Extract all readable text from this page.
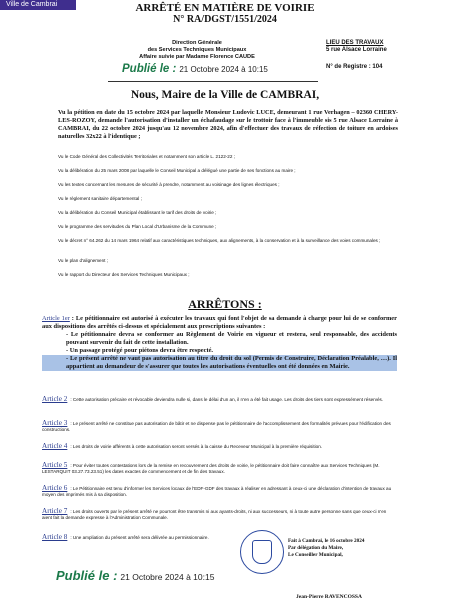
Ville de Cambrai	ARRÊTÉ EN MATIÈRE DE VOIRIE
N° RA/DGST/1551/2024
Direction Générale
des Services Techniques Municipaux
Affaire suivie par Madame Florence CAUDE
Publié le : 21 Octobre 2024 à 10:15
LIEU DES TRAVAUX
5 rue Alsace Lorraine
N° de Registre : 104
Nous, Maire de la Ville de CAMBRAI,
Vu la pétition en date du 15 octobre 2024 par laquelle Monsieur Ludovic LUCE, demeurant 1 rue Verhagen – 02360 CHERY-LES-ROZOY, demande l'autorisation d'installer un échafaudage sur le trottoir face à l'immeuble sis 5 rue Alsace Lorraine à CAMBRAI, du 22 octobre 2024 jusqu'au 12 novembre 2024, afin d'effectuer des travaux de réfection de toiture en ardoises naturelles 32x22 à l'identique ;
Vu le Code Général des Collectivités Territoriales et notamment son article L. 2122-22 ;
Vu la délibération du 25 mars 2008 par laquelle le Conseil Municipal a délégué une partie de ses fonctions au maire ;
Vu les textes concernant les mesures de sécurité à prendre, notamment au voisinage des lignes électriques ;
Vu le règlement sanitaire départemental ;
Vu la délibération du Conseil Municipal établissant le tarif des droits de voirie ;
Vu le programme des servitudes du Plan Local d'Urbanisme de la Commune ;
Vu le décret n° 64.262 du 14 mars 1964 relatif aux caractéristiques techniques, aux alignements, à la conservation et à la surveillance des voies communales ;
Vu le plan d'alignement ;
Vu le rapport du Directeur des Services Techniques Municipaux ;
ARRÊTONS :
Article 1er : Le pétitionnaire est autorisé à exécuter les travaux qui font l'objet de sa demande à charge pour lui de se conformer aux dispositions des arrêtés ci-dessus et spécialement aux prescriptions suivantes :
- Le pétitionnaire devra se conformer au Règlement de Voirie en vigueur et restera, seul responsable, des accidents pouvant survenir du fait de cette installation.
- Un passage protégé pour piétons devra être respecté.
- Le présent arrêté ne vaut pas autorisation au titre du droit du sol (Permis de Construire, Déclaration Préalable, …). Il appartient au demandeur de s'assurer que toutes les autorisations éventuelles ont été données en Mairie.
Article 2 : Cette autorisation précaire et révocable deviendra nulle si, dans le délai d'un an, il n'en a été fait usage. Les droits des tiers sont expressément réservés.
Article 3 : Le présent arrêté ne constitue pas autorisation de bâtir et ne dispense pas le pétitionnaire de l'accomplissement des formalités prévues pour l'édification des constructions.
Article 4 : Les droits de voirie afférents à cette autorisation seront versés à la caisse du Receveur Municipal à la première réquisition.
Article 5 : Pour éviter toutes contestations lors de la remise en recouvrement des droits de voirie, le pétitionnaire doit faire connaître aux Services Techniques (M. LESTARQUIT 03.27.73.23.51) les dates exactes de commencement et de fin des travaux.
Article 6 : Le Pétitionnaire est tenu d'informer les Services locaux de l'EDF-GDF des travaux à réaliser en adressant à ceux-ci une déclaration d'intention de travaux au moyen des imprimés mis à sa disposition.
Article 7 : Les droits ouverts par le présent arrêté ne pourront être transmis ni aux ayants-droits, ni aux successeurs, ni à toute autre personne sans que ceux-ci n'en aient fait la demande expresse à l'Administration Communale.
Article 8 : Une ampliation du présent arrêté sera délivrée au permissionnaire.
Fait à Cambrai, le 16 octobre 2024
Par délégation du Maire,
Le Conseiller Municipal,
Publié le : 21 Octobre 2024 à 10:15
Jean-Pierre RAVENCOSSA
